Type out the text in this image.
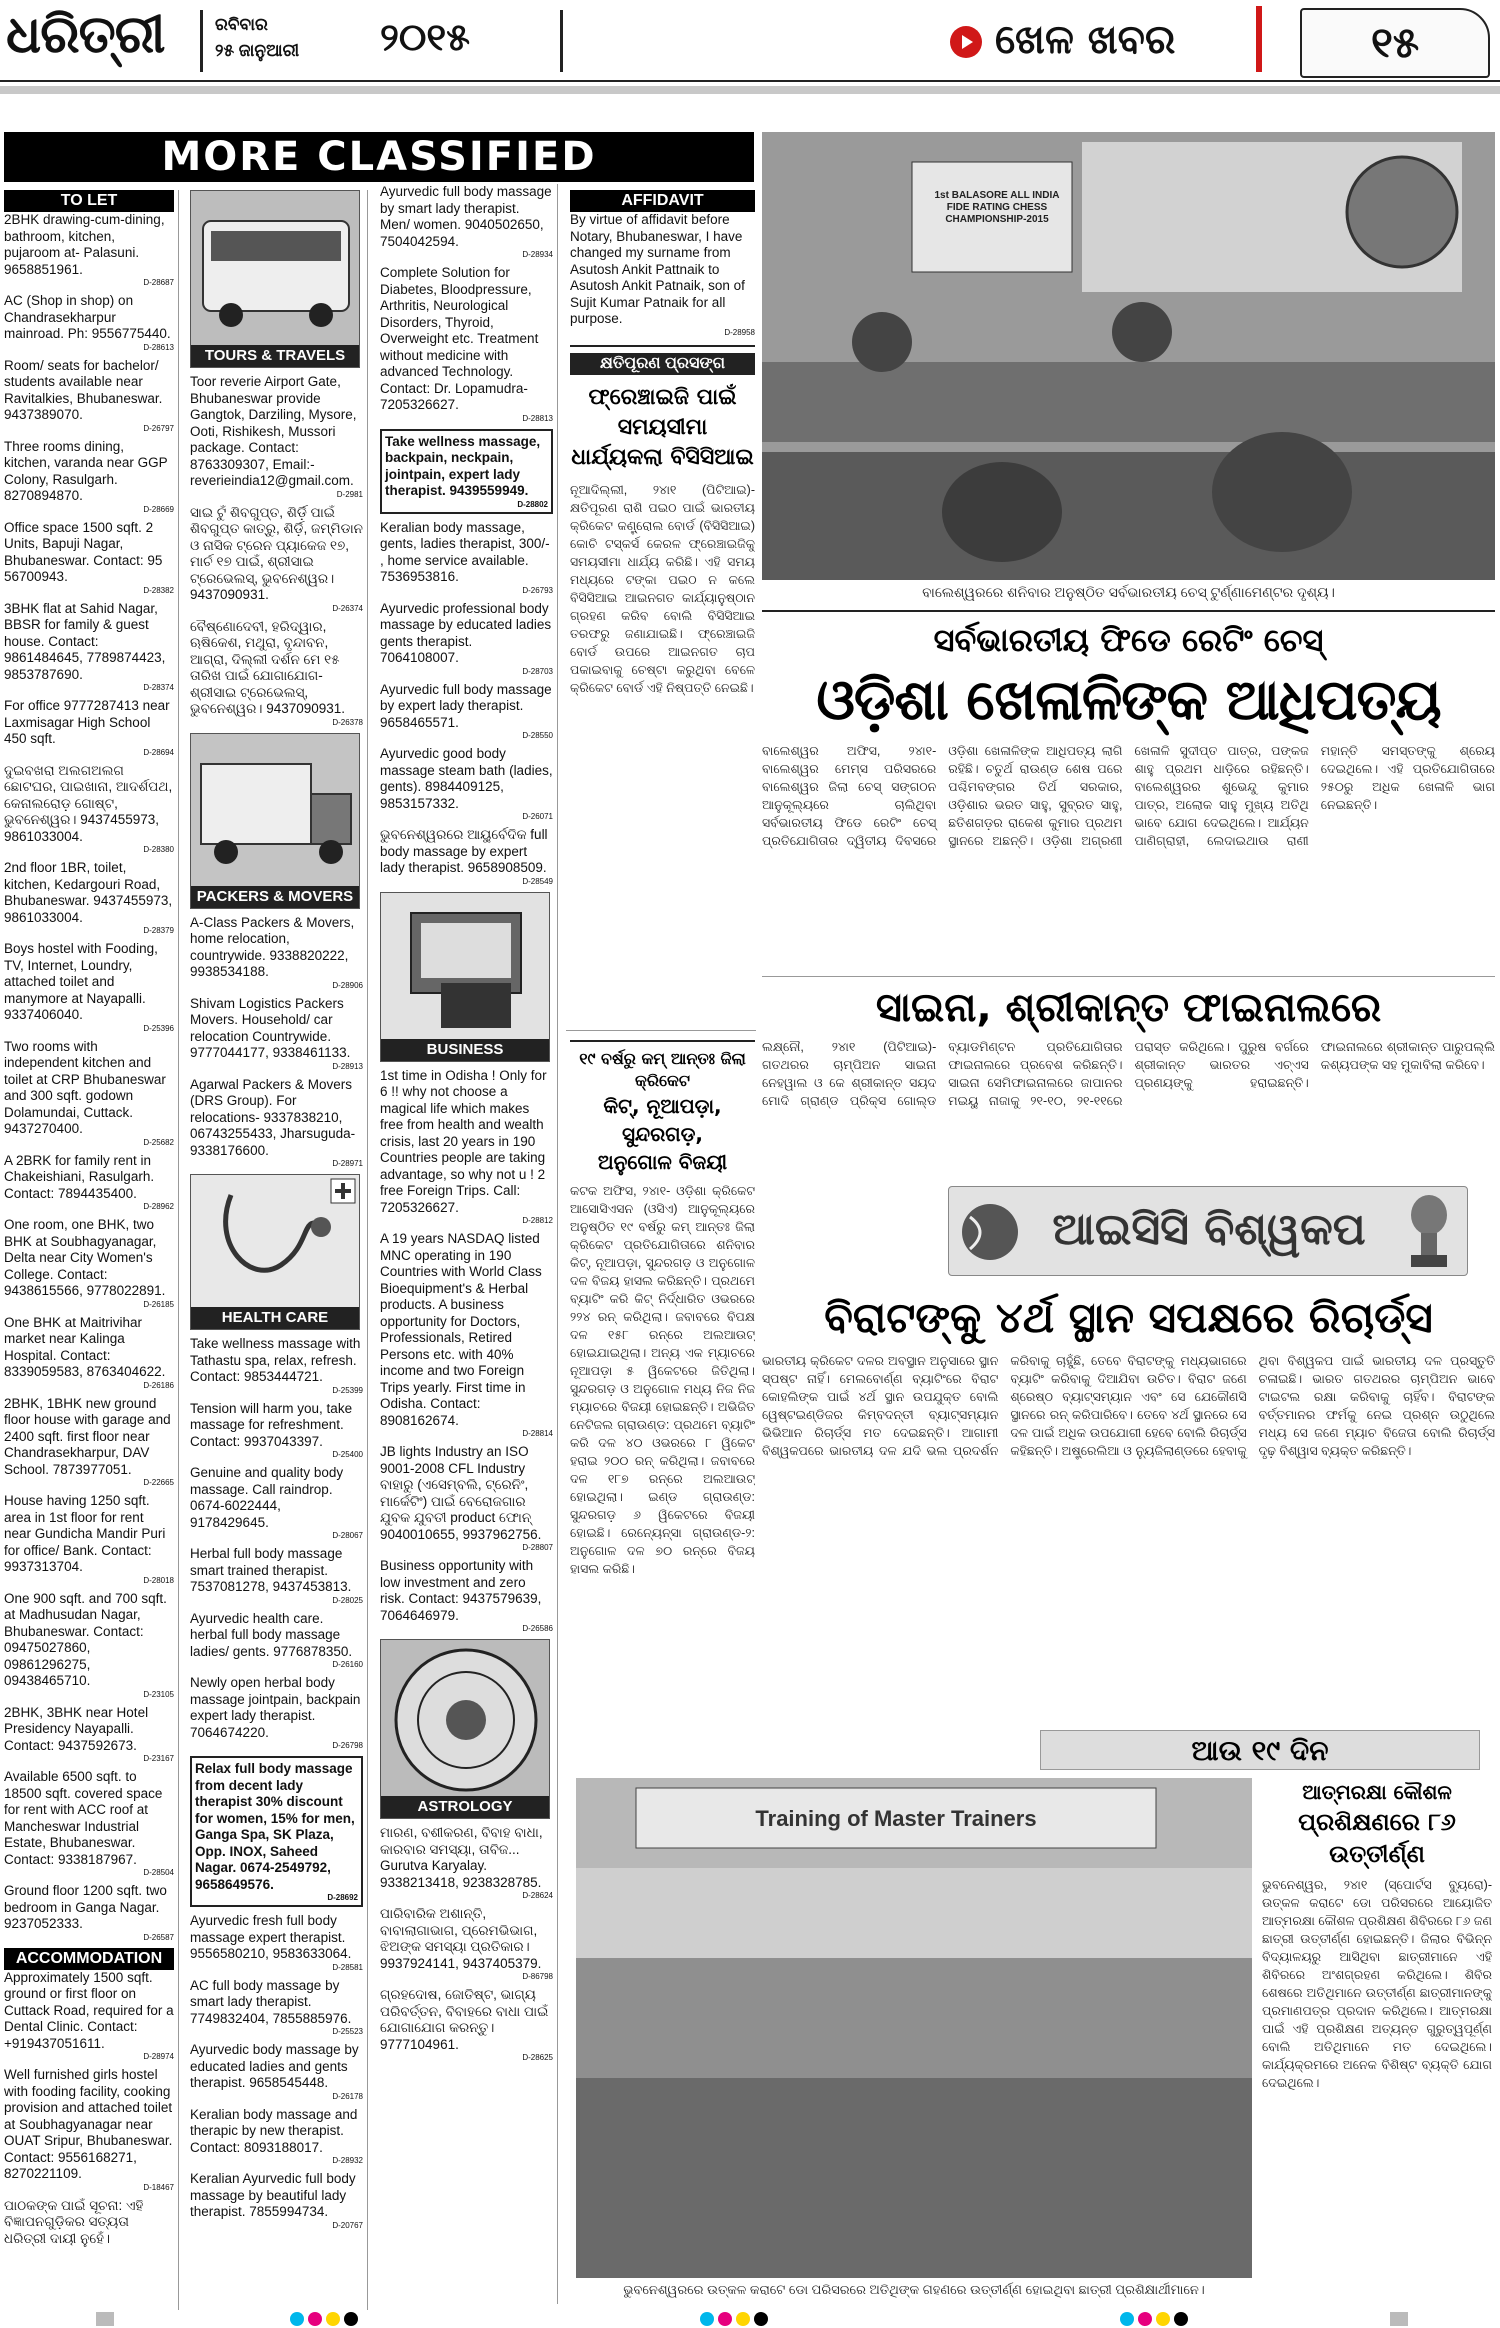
ଧରିତ୍ରୀ	ରବିବାର
୨୫ ଜାନୁଆରୀ ୨୦୧୫	ଖେଳ ଖବର	୧୫
MORE CLASSIFIED
TO LET
2BHK drawing-cum-dining, bathroom, kitchen, pujaroom at- Palasuni. 9658851961.
D-28687
AC (Shop in shop) on Chandrasekharpur mainroad. Ph: 9556775440.
D-28613
Room/ seats for bachelor/ students available near Ravitalkies, Bhubaneswar. 9437389070.
D-26797
Three rooms dining, kitchen, varanda near GGP Colony, Rasulgarh. 8270894870.
D-28669
Office space 1500 sqft. 2 Units, Bapuji Nagar, Bhubaneswar. Contact: 95 56700943.
D-28382
3BHK flat at Sahid Nagar, BBSR for family & guest house. Contact: 9861484645, 7789874423, 9853787690.
D-28374
For office 9777287413 near Laxmisagar High School 450 sqft.
D-28694
ଦୁଇବଖରା ଅଲଗଅଲଗ ଛୋଟଘର, ପାଇଖାନା, ଆଦର୍ଶପଥ, କେନାଲରୋଡ଼ ଗୋଷ୍ଟ, ଭୁବନେଶ୍ୱର। 9437455973, 9861033004.
D-28380
2nd floor 1BR, toilet, kitchen, Kedargouri Road, Bhubaneswar. 9437455973, 9861033004.
D-28379
Boys hostel with Fooding, TV, Internet, Loundry, attached toilet and manymore at Nayapalli. 9337406040.
D-25396
Two rooms with independent kitchen and toilet at CRP Bhubaneswar and 300 sqft. godown Dolamundai, Cuttack. 9437270400.
D-25682
A 2BRK for family rent in Chakeishiani, Rasulgarh. Contact: 7894435400.
D-28962
One room, one BHK, two BHK at Soubhagyanagar, Delta near City Women's College. Contact: 9438615566, 9778022891.
D-26185
One BHK at Maitrivihar market near Kalinga Hospital. Contact: 8339059583, 8763404622.
D-26186
2BHK, 1BHK new ground floor house with garage and 2400 sqft. first floor near Chandrasekharpur, DAV School. 7873977051.
D-22665
House having 1250 sqft. area in 1st floor for rent near Gundicha Mandir Puri for office/ Bank. Contact: 9937313704.
D-28018
One 900 sqft. and 700 sqft. at Madhusudan Nagar, Bhubaneswar. Contact: 09475027860, 09861296275, 09438465710.
D-23105
2BHK, 3BHK near Hotel Presidency Nayapalli. Contact: 9437592673.
D-23167
Available 6500 sqft. to 18500 sqft. covered space for rent with ACC roof at Mancheswar Industrial Estate, Bhubaneswar. Contact: 9338187967.
D-28504
Ground floor 1200 sqft. two bedroom in Ganga Nagar. 9237052333.
D-26587
ACCOMMODATION
Approximately 1500 sqft. ground or first floor on Cuttack Road, required for a Dental Clinic. Contact: +919437051611.
D-28974
Well furnished girls hostel with fooding facility, cooking provision and attached toilet at Soubhagyanagar near OUAT Sripur, Bhubaneswar. Contact: 9556168271, 8270221109.
D-18467
ପାଠକଙ୍କ ପାଇଁ ସୂଚନା: ଏହି ବିଜ୍ଞାପନଗୁଡ଼ିକର ସତ୍ୟତା ଧରିତ୍ରୀ ଦାୟୀ ନୁହେଁ।
TOURS & TRAVELS
Toor reverie Airport Gate, Bhubaneswar provide Gangtok, Darziling, Mysore, Ooti, Rishikesh, Mussori package. Contact: 8763309307, Email:- reverieindia12@gmail.com.
D-2981
ସାଇ ଟୁଁ ଶିବଗୁପ୍ତ, ଶିର୍ଡ଼ି ପାଇଁ ଶିବଗୁପ୍ତ କାତ୍ରୁ, ଶିର୍ଡ଼ି, ଜମ୍ମିଡାନ ଓ ନାସିକ ଟ୍ରେନ ପ୍ୟାକେଜ ୧୭, ମାର୍ଚ ୧୭ ପାଇଁ, ଶ୍ରୀସାଇ ଟ୍ରେଭେଲସ୍, ଭୁବନେଶ୍ୱର। 9437090931.
D-26374
ବୈଷ୍ଣୋଦେବୀ, ହରିଦ୍ୱାର, ଋଷିକେଶ, ମଥୁରା, ବୃନ୍ଦାବନ, ଆଗ୍ରା, ଦିଲ୍ଲୀ ଦର୍ଶନ ମେ ୧୫ ତାରିଖ ପାଇଁ ଯୋଗାଯୋଗ- ଶ୍ରୀସାଇ ଟ୍ରେଭେଲସ୍, ଭୁବନେଶ୍ୱର। 9437090931.
D-26378
PACKERS & MOVERS
A-Class Packers & Movers, home relocation, countrywide. 9338820222, 9938534188.
D-28906
Shivam Logistics Packers Movers. Household/ car relocation Countrywide. 9777044177, 9338461133.
D-28913
Agarwal Packers & Movers (DRS Group). For relocations- 9337838210, 06743255433, Jharsuguda-9338176600.
D-28971
HEALTH CARE
Take wellness massage with Tathastu spa, relax, refresh. Contact: 9853444721.
D-25399
Tension will harm you, take massage for refreshment. Contact: 9937043397.
D-25400
Genuine and quality body massage. Call raindrop. 0674-6022444, 9178429645.
D-28067
Herbal full body massage smart trained therapist. 7537081278, 9437453813.
D-28025
Ayurvedic health care. herbal full body massage ladies/ gents. 9776878350.
D-26160
Newly open herbal body massage jointpain, backpain expert lady therapist. 7064674220.
D-26798
Relax full body massage from decent lady therapist 30% discount for women, 15% for men, Ganga Spa, SK Plaza, Opp. INOX, Saheed Nagar. 0674-2549792, 9658649576.
D-28692
Ayurvedic fresh full body massage expert therapist. 9556580210, 9583633064.
D-28581
AC full body massage by smart lady therapist. 7749832404, 7855885976.
D-25523
Ayurvedic body massage by educated ladies and gents therapist. 9658545448.
D-26178
Keralian body massage and therapic by new therapist. Contact: 8093188017.
D-28932
Keralian Ayurvedic full body massage by beautiful lady therapist. 7855994734.
D-20767
Ayurvedic full body massage by smart lady therapist. Men/ women. 9040502650, 7504042594.
D-28934
Complete Solution for Diabetes, Bloodpressure, Arthritis, Neurological Disorders, Thyroid, Overweight etc. Treatment without medicine with advanced Technology. Contact: Dr. Lopamudra-7205326627.
D-28813
Take wellness massage, backpain, neckpain, jointpain, expert lady therapist. 9439559949.
D-28802
Keralian body massage, gents, ladies therapist, 300/- , home service available. 7536953816.
D-26793
Ayurvedic professional body massage by educated ladies gents therapist. 7064108007.
D-28703
Ayurvedic full body massage by expert lady therapist. 9658465571.
D-28550
Ayurvedic good body massage steam bath (ladies, gents). 8984409125, 9853157332.
D-26071
ଭୁବନେଶ୍ୱରରେ ଆୟୁର୍ବେଦିକ full body massage by expert lady therapist. 9658908509.
D-28549
BUSINESS
1st time in Odisha ! Only for 6 !! why not choose a magical life which makes free from health and wealth crisis, last 20 years in 190 Countries people are taking advantage, so why not u ! 2 free Foreign Trips. Call: 7205326627.
D-28812
A 19 years NASDAQ listed MNC operating in 190 Countries with World Class Bioequipment's & Herbal products. A business opportunity for Doctors, Professionals, Retired Persons etc. with 40% income and two Foreign Trips yearly. First time in Odisha. Contact: 8908162674.
D-28814
JB lights Industry an ISO 9001-2008 CFL Industry ବାହାରୁ (ଏସେମ୍ବଲି, ଟ୍ରେନିଂ, ମାର୍କେଟିଂ) ପାଇଁ ବେରୋଜଗାର ଯୁବକ ଯୁବତୀ product ଫୋନ୍ 9040010655, 9937962756.
D-28807
Business opportunity with low investment and zero risk. Contact: 9437579639, 7064646979.
D-26586
ASTROLOGY
ମାରଣ, ବଶୀକରଣ, ବିବାହ ବାଧା, କାରବାର ସମସ୍ୟା, ତାବିଜ... Gurutva Karyalay. 9338213418, 9238328785.
D-28624
ପାରିବାରିକ ଅଶାନ୍ତି, ବାବାଲାଗାଭାଗ, ପ୍ରେମଭିଭାଗ, ଝିଅଙ୍କ ସମସ୍ୟା ପ୍ରତିକାର। 9937924141, 9437405379.
D-86798
ଗ୍ରହଦୋଷ, ଜୋତିଷ୍ଟ, ଭାଗ୍ୟ ପରିବର୍ତ୍ତନ, ବିବାହରେ ବାଧା ପାଇଁ ଯୋଗାଯୋଗ କରନ୍ତୁ। 9777104961.
D-28625
AFFIDAVIT
By virtue of affidavit before Notary, Bhubaneswar, I have changed my surname from Asutosh Ankit Pattnaik to Asutosh Ankit Patnaik, son of Sujit Kumar Patnaik for all purpose.
D-28958
କ୍ଷତିପୂରଣ ପ୍ରସଙ୍ଗ
ଫ୍ରେଞ୍ଚାଇଜି ପାଇଁ ସମୟସୀମା ଧାର୍ଯ୍ୟକଲା ବିସିସିଆଇ
ନୂଆଦିଲ୍ଲୀ, ୨୪ା୧ (ପିଟିଆଇ)- କ୍ଷତିପୂରଣ ରାଶି ପଇଠ ପାଇଁ ଭାରତୀୟ କ୍ରିକେଟ କଣ୍ଟ୍ରୋଲ ବୋର୍ଡ (ବିସିସିଆଇ) କୋଚି ଟସ୍କର୍ସ କେରଳ ଫ୍ରେଞ୍ଚାଇଜିକୁ ସମୟସୀମା ଧାର୍ଯ୍ୟ କରିଛି। ଏହି ସମୟ ମଧ୍ୟରେ ଟଙ୍କା ପଇଠ ନ କଲେ ବିସିସିଆଇ ଆଇନଗତ କାର୍ଯ୍ୟାନୁଷ୍ଠାନ ଗ୍ରହଣ କରିବ ବୋଲି ବିସିସିଆଇ ତରଫରୁ ଜଣାଯାଇଛି। ଫ୍ରେଞ୍ଚାଇଜି ବୋର୍ଡ ଉପରେ ଆଇନଗତ ଚାପ ପକାଇବାକୁ ଚେଷ୍ଟା କରୁଥିବା ବେଳେ କ୍ରିକେଟ ବୋର୍ଡ ଏହି ନିଷ୍ପତ୍ତି ନେଇଛି।
1st BALASORE ALL INDIA FIDE RATING CHESS CHAMPIONSHIP-2015
ବାଲେଶ୍ୱରରେ ଶନିବାର ଅନୁଷ୍ଠିତ ସର୍ବଭାରତୀୟ ଚେସ୍ ଟୁର୍ଣ୍ଣାମେଣ୍ଟର ଦୃଶ୍ୟ।
ସର୍ବଭାରତୀୟ ଫିଡେ ରେଟିଂ ଚେସ୍
ଓଡ଼ିଶା ଖେଳାଳିଙ୍କ ଆଧିପତ୍ୟ
ବାଲେଶ୍ୱର ଅଫିସ, ୨୪ା୧- ବାଲେଶ୍ୱର ମେମ୍ସ ପରିସରରେ ବାଲେଶ୍ୱର ଜିଲା ଚେସ୍ ସଙ୍ଗଠନ ଆନୁକୂଲ୍ୟରେ ଚାଲିଥିବା ସର୍ବଭାରତୀୟ ଫିଡେ ରେଟିଂ ଚେସ୍ ପ୍ରତିଯୋଗିତାର ଦ୍ୱିତୀୟ ଦିବସରେ ଓଡ଼ିଶା ଖେଳାଳିଙ୍କ ଆଧିପତ୍ୟ ଲାଗି ରହିଛି। ଚତୁର୍ଥ ରାଉଣ୍ଡ ଶେଷ ପରେ ପଶ୍ଚିମବଙ୍ଗର ତିର୍ଥ ସରକାର, ଓଡ଼ିଶାର ଭରତ ସାହୁ, ସୁବ୍ରତ ସାହୁ, ଛତିଶଗଡ଼ର ରାକେଶ କୁମାର ପ୍ରଥମ ସ୍ଥାନରେ ଅଛନ୍ତି। ଓଡ଼ିଶା ଅଗ୍ରଣୀ ଖେଳାଳି ସୁଦୀପ୍ତ ପାତ୍ର, ପଙ୍କଜ ଶାହୁ ପ୍ରଥମ ଧାଡ଼ିରେ ରହିଛନ୍ତି। ବାଲେଶ୍ୱରର ଶୁଭେନ୍ଦୁ କୁମାର ପାତ୍ର, ଅଲୋକ ସାହୁ ମୁଖ୍ୟ ଅତିଥି ଭାବେ ଯୋଗ ଦେଇଥିଲେ। ଆର୍ଯ୍ୟନ ପାଣିଗ୍ରାହୀ, ଲେଦାଇଥାଉ ରାଣୀ ମହାନ୍ତି ସମସ୍ତଙ୍କୁ ଶ୍ରେୟ ଦେଇଥିଲେ। ଏହି ପ୍ରତିଯୋଗିତାରେ ୨୫୦ରୁ ଅଧିକ ଖେଳାଳି ଭାଗ ନେଇଛନ୍ତି।
ସାଇନା, ଶ୍ରୀକାନ୍ତ ଫାଇନାଲରେ
ଲକ୍ଷ୍ନୌ, ୨୪ା୧ (ପିଟିଆଇ)- ଗତଥରର ଚାମ୍ପିଅନ ସାଇନା ନେହୱାଲ ଓ କେ ଶ୍ରୀକାନ୍ତ ସୟଦ ମୋଦି ଗ୍ରାଣ୍ଡ ପ୍ରିକ୍ସ ଗୋଲ୍ଡ ବ୍ୟାଡମିଣ୍ଟନ ପ୍ରତିଯୋଗିତାର ଫାଇନାଲରେ ପ୍ରବେଶ କରିଛନ୍ତି। ସାଇନା ସେମିଫାଇନାଲରେ ଜାପାନର ମଇୟୁ ନାଜାକୁ ୨୧-୧୦, ୨୧-୧୧ରେ ପରାସ୍ତ କରିଥିଲେ। ପୁରୁଷ ବର୍ଗରେ ଶ୍ରୀକାନ୍ତ ଭାରତର ଏଚ୍ଏସ ପ୍ରଣୟଙ୍କୁ ହରାଇଛନ୍ତି। ଫାଇନାଲରେ ଶ୍ରୀକାନ୍ତ ପାରୁପଲ୍ଲି କଶ୍ୟପଙ୍କ ସହ ମୁକାବିଲା କରିବେ।
ଆଇସିସି ବିଶ୍ୱକପ
ବିରାଟଙ୍କୁ ୪ର୍ଥ ସ୍ଥାନ ସପକ୍ଷରେ ରିଚାର୍ଡ୍ସ
ଭାରତୀୟ କ୍ରିକେଟ ଦଳର ଅବସ୍ଥାନ ଅନୁସାରେ ସ୍ଥାନ ସ୍ପଷ୍ଟ ନାହିଁ। ମେଲବୋର୍ଣ୍ଣ ବ୍ୟାଟିଂରେ ବିରାଟ କୋହଲିଙ୍କ ପାଇଁ ୪ର୍ଥ ସ୍ଥାନ ଉପଯୁକ୍ତ ବୋଲି ୱେଷ୍ଟଇଣ୍ଡିଜର କିମ୍ବଦନ୍ତୀ ବ୍ୟାଟ୍ସମ୍ୟାନ ଭିଭିଆନ ରିଚାର୍ଡ୍ସ ମତ ଦେଇଛନ୍ତି। ଆଗାମୀ ବିଶ୍ୱକପରେ ଭାରତୀୟ ଦଳ ଯଦି ଭଲ ପ୍ରଦର୍ଶନ କରିବାକୁ ଚାହୁଁଛି, ତେବେ ବିରାଟଙ୍କୁ ମଧ୍ୟଭାଗରେ ବ୍ୟାଟିଂ କରିବାକୁ ଦିଆଯିବା ଉଚିତ। ବିରାଟ ଜଣେ ଶ୍ରେଷ୍ଠ ବ୍ୟାଟ୍ସମ୍ୟାନ ଏବଂ ସେ ଯେକୌଣସି ସ୍ଥାନରେ ରନ୍ କରିପାରିବେ। ତେବେ ୪ର୍ଥ ସ୍ଥାନରେ ସେ ଦଳ ପାଇଁ ଅଧିକ ଉପଯୋଗୀ ହେବେ ବୋଲି ରିଚାର୍ଡ୍ସ କହିଛନ୍ତି। ଅଷ୍ଟ୍ରେଲିଆ ଓ ନ୍ୟୁଜିଲାଣ୍ଡରେ ହେବାକୁ ଥିବା ବିଶ୍ୱକପ ପାଇଁ ଭାରତୀୟ ଦଳ ପ୍ରସ୍ତୁତି ଚଳାଇଛି। ଭାରତ ଗତଥରର ଚାମ୍ପିଅନ ଭାବେ ଟାଇଟଲ ରକ୍ଷା କରିବାକୁ ଚାହିଁବ। ବିରାଟଙ୍କ ବର୍ତ୍ତମାନର ଫର୍ମକୁ ନେଇ ପ୍ରଶ୍ନ ଉଠୁଥିଲେ ମଧ୍ୟ ସେ ଜଣେ ମ୍ୟାଚ ବିଜେତା ବୋଲି ରିଚାର୍ଡ୍ସ ଦୃଢ଼ ବିଶ୍ୱାସ ବ୍ୟକ୍ତ କରିଛନ୍ତି।
ଆଉ ୧୯ ଦିନ
Training of Master Trainers
ଭୁବନେଶ୍ୱରରେ ଉତ୍କଳ କରାଟେ ଡୋ ପରିସରରେ ଅତିଥିଙ୍କ ଗହଣରେ ଉତ୍ତୀର୍ଣ୍ଣ ହୋଇଥିବା ଛାତ୍ରୀ ପ୍ରଶିକ୍ଷାର୍ଥୀମାନେ।
ଆତ୍ମରକ୍ଷା କୌଶଳ
ପ୍ରଶିକ୍ଷଣରେ ୮୬ ଉତ୍ତୀର୍ଣ୍ଣ
ଭୁବନେଶ୍ୱର, ୨୪ା୧ (ସ୍ପୋର୍ଟସ ବ୍ୟୁରୋ)- ଉତ୍କଳ କରାଟେ ଡୋ ପରିସରରେ ଆୟୋଜିତ ଆତ୍ମରକ୍ଷା କୌଶଳ ପ୍ରଶିକ୍ଷଣ ଶିବିରରେ ୮୬ ଜଣ ଛାତ୍ରୀ ଉତ୍ତୀର୍ଣ୍ଣ ହୋଇଛନ୍ତି। ଜିଲାର ବିଭିନ୍ନ ବିଦ୍ୟାଳୟରୁ ଆସିଥିବା ଛାତ୍ରୀମାନେ ଏହି ଶିବିରରେ ଅଂଶଗ୍ରହଣ କରିଥିଲେ। ଶିବିର ଶେଷରେ ଅତିଥିମାନେ ଉତ୍ତୀର୍ଣ୍ଣ ଛାତ୍ରୀମାନଙ୍କୁ ପ୍ରମାଣପତ୍ର ପ୍ରଦାନ କରିଥିଲେ। ଆତ୍ମରକ୍ଷା ପାଇଁ ଏହି ପ୍ରଶିକ୍ଷଣ ଅତ୍ୟନ୍ତ ଗୁରୁତ୍ୱପୂର୍ଣ୍ଣ ବୋଲି ଅତିଥିମାନେ ମତ ଦେଇଥିଲେ। କାର୍ଯ୍ୟକ୍ରମରେ ଅନେକ ବିଶିଷ୍ଟ ବ୍ୟକ୍ତି ଯୋଗ ଦେଇଥିଲେ।
୧୯ ବର୍ଷରୁ କମ୍ ଆନ୍ତଃ ଜିଲା କ୍ରିକେଟ
କିଟ୍, ନୂଆପଡ଼ା, ସୁନ୍ଦରଗଡ଼,
ଅନୁଗୋଳ ବିଜୟୀ
କଟକ ଅଫିସ, ୨୪ା୧- ଓଡ଼ିଶା କ୍ରିକେଟ ଆସୋସିଏସନ (ଓସିଏ) ଆନୁକୂଲ୍ୟରେ ଅନୁଷ୍ଠିତ ୧୯ ବର୍ଷରୁ କମ୍ ଆନ୍ତଃ ଜିଲା କ୍ରିକେଟ ପ୍ରତିଯୋଗିତାରେ ଶନିବାର କିଟ୍, ନୂଆପଡ଼ା, ସୁନ୍ଦରଗଡ଼ ଓ ଅନୁଗୋଳ ଦଳ ବିଜୟ ହାସଲ କରିଛନ୍ତି। ପ୍ରଥମେ ବ୍ୟାଟିଂ କରି କିଟ୍ ନିର୍ଦ୍ଧାରିତ ଓଭରରେ ୨୨୪ ରନ୍ କରିଥିଲା। ଜବାବରେ ବିପକ୍ଷ ଦଳ ୧୫୮ ରନ୍‌ରେ ଅଲଆଉଟ୍ ହୋଇଯାଇଥିଲା। ଅନ୍ୟ ଏକ ମ୍ୟାଚରେ ନୂଆପଡ଼ା ୫ ୱିକେଟରେ ଜିତିଥିଲା। ସୁନ୍ଦରଗଡ଼ ଓ ଅନୁଗୋଳ ମଧ୍ୟ ନିଜ ନିଜ ମ୍ୟାଚରେ ବିଜୟୀ ହୋଇଛନ୍ତି। ଅଭିଜିତ ନେଟିଜଲ ଗ୍ରାଉଣ୍ଡ: ପ୍ରଥମେ ବ୍ୟାଟିଂ କରି ଦଳ ୪୦ ଓଭରରେ ୮ ୱିକେଟ ହରାଇ ୨୦୦ ରନ୍ କରିଥିଲା। ଜବାବରେ ଦଳ ୧୮୭ ରନ୍‌ରେ ଅଲଆଉଟ୍ ହୋଇଥିଲା। ଇଣ୍ଡ ଗ୍ରାଉଣ୍ଡ: ସୁନ୍ଦରଗଡ଼ ୬ ୱିକେଟରେ ବିଜୟୀ ହୋଇଛି। ରେନ୍ୟେନ୍ସା ଗ୍ରାଉଣ୍ଡ-୨: ଅନୁଗୋଳ ଦଳ ୭୦ ରନ୍‌ରେ ବିଜୟ ହାସଲ କରିଛି।
